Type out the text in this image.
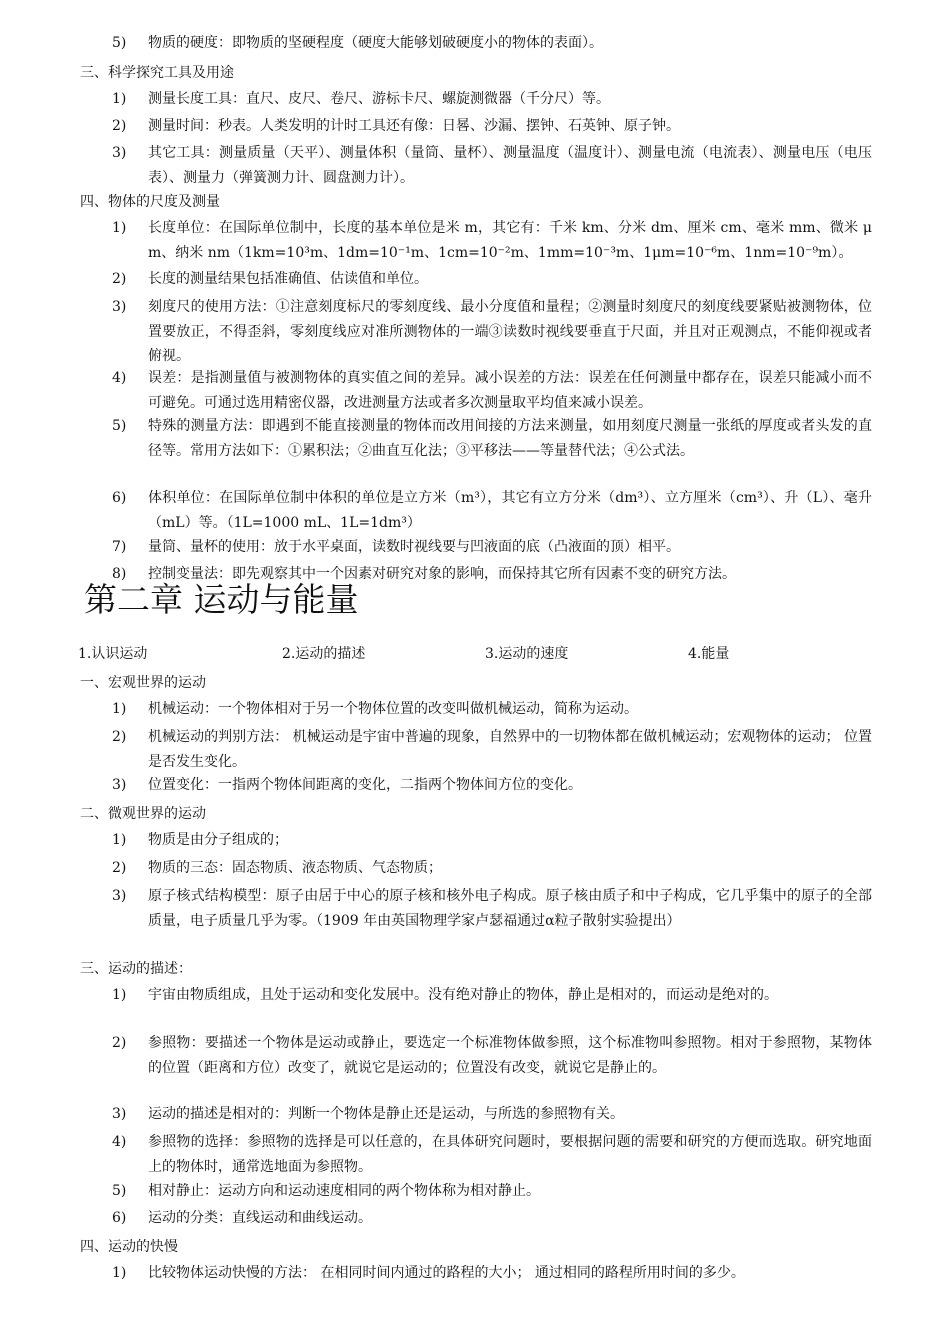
5)	物质的硬度：即物质的坚硬程度（硬度大能够划破硬度小的物体的表面）。
三、科学探究工具及用途
1)	测量长度工具：直尺、皮尺、卷尺、游标卡尺、螺旋测微器（千分尺）等。
2)	测量时间：秒表。人类发明的计时工具还有像：日晷、沙漏、摆钟、石英钟、原子钟。
3)	其它工具：测量质量（天平）、测量体积（量筒、量杯）、测量温度（温度计）、测量电流（电流表）、测量电压（电压表）、测量力（弹簧测力计、圆盘测力计）。
四、物体的尺度及测量
1)	长度单位：在国际单位制中，长度的基本单位是米 m，其它有：千米 km、分米 dm、厘米 cm、毫米 mm、微米 μm、纳米 nm（1km=10³m、1dm=10⁻¹m、1cm=10⁻²m、1mm=10⁻³m、1μm=10⁻⁶m、1nm=10⁻⁹m）。
2)	长度的测量结果包括准确值、估读值和单位。
3)	刻度尺的使用方法：①注意刻度标尺的零刻度线、最小分度值和量程；②测量时刻度尺的刻度线要紧贴被测物体，位置要放正，不得歪斜，零刻度线应对准所测物体的一端③读数时视线要垂直于尺面，并且对正观测点，不能仰视或者俯视。
4)	误差：是指测量值与被测物体的真实值之间的差异。减小误差的方法：误差在任何测量中都存在，误差只能减小而不可避免。可通过选用精密仪器，改进测量方法或者多次测量取平均值来减小误差。
5)	特殊的测量方法：即遇到不能直接测量的物体而改用间接的方法来测量，如用刻度尺测量一张纸的厚度或者头发的直径等。常用方法如下：①累积法；②曲直互化法；③平移法——等量替代法；④公式法。
6)	体积单位：在国际单位制中体积的单位是立方米（m³），其它有立方分米（dm³）、立方厘米（cm³）、升（L）、毫升（mL）等。（1L=1000 mL、1L=1dm³）
7)	量筒、量杯的使用：放于水平桌面，读数时视线要与凹液面的底（凸液面的顶）相平。
8)	控制变量法：即先观察其中一个因素对研究对象的影响，而保持其它所有因素不变的研究方法。
第二章 运动与能量
1.认识运动	2.运动的描述	3.运动的速度	4.能量
一、宏观世界的运动
1)	机械运动：一个物体相对于另一个物体位置的改变叫做机械运动，简称为运动。
2)	机械运动的判别方法： 机械运动是宇宙中普遍的现象，自然界中的一切物体都在做机械运动；宏观物体的运动； 位置是否发生变化。
3)	位置变化：一指两个物体间距离的变化，二指两个物体间方位的变化。
二、微观世界的运动
1)	物质是由分子组成的；
2)	物质的三态：固态物质、液态物质、气态物质；
3)	原子核式结构模型：原子由居于中心的原子核和核外电子构成。原子核由质子和中子构成，它几乎集中的原子的全部质量，电子质量几乎为零。（1909 年由英国物理学家卢瑟福通过α粒子散射实验提出）
三、运动的描述：
1)	宇宙由物质组成，且处于运动和变化发展中。没有绝对静止的物体，静止是相对的，而运动是绝对的。
2)	参照物：要描述一个物体是运动或静止，要选定一个标准物体做参照，这个标准物叫参照物。相对于参照物，某物体的位置（距离和方位）改变了，就说它是运动的；位置没有改变，就说它是静止的。
3)	运动的描述是相对的：判断一个物体是静止还是运动，与所选的参照物有关。
4)	参照物的选择：参照物的选择是可以任意的，在具体研究问题时，要根据问题的需要和研究的方便而选取。研究地面上的物体时，通常选地面为参照物。
5)	相对静止：运动方向和运动速度相同的两个物体称为相对静止。
6)	运动的分类：直线运动和曲线运动。
四、运动的快慢
1)	比较物体运动快慢的方法： 在相同时间内通过的路程的大小； 通过相同的路程所用时间的多少。
